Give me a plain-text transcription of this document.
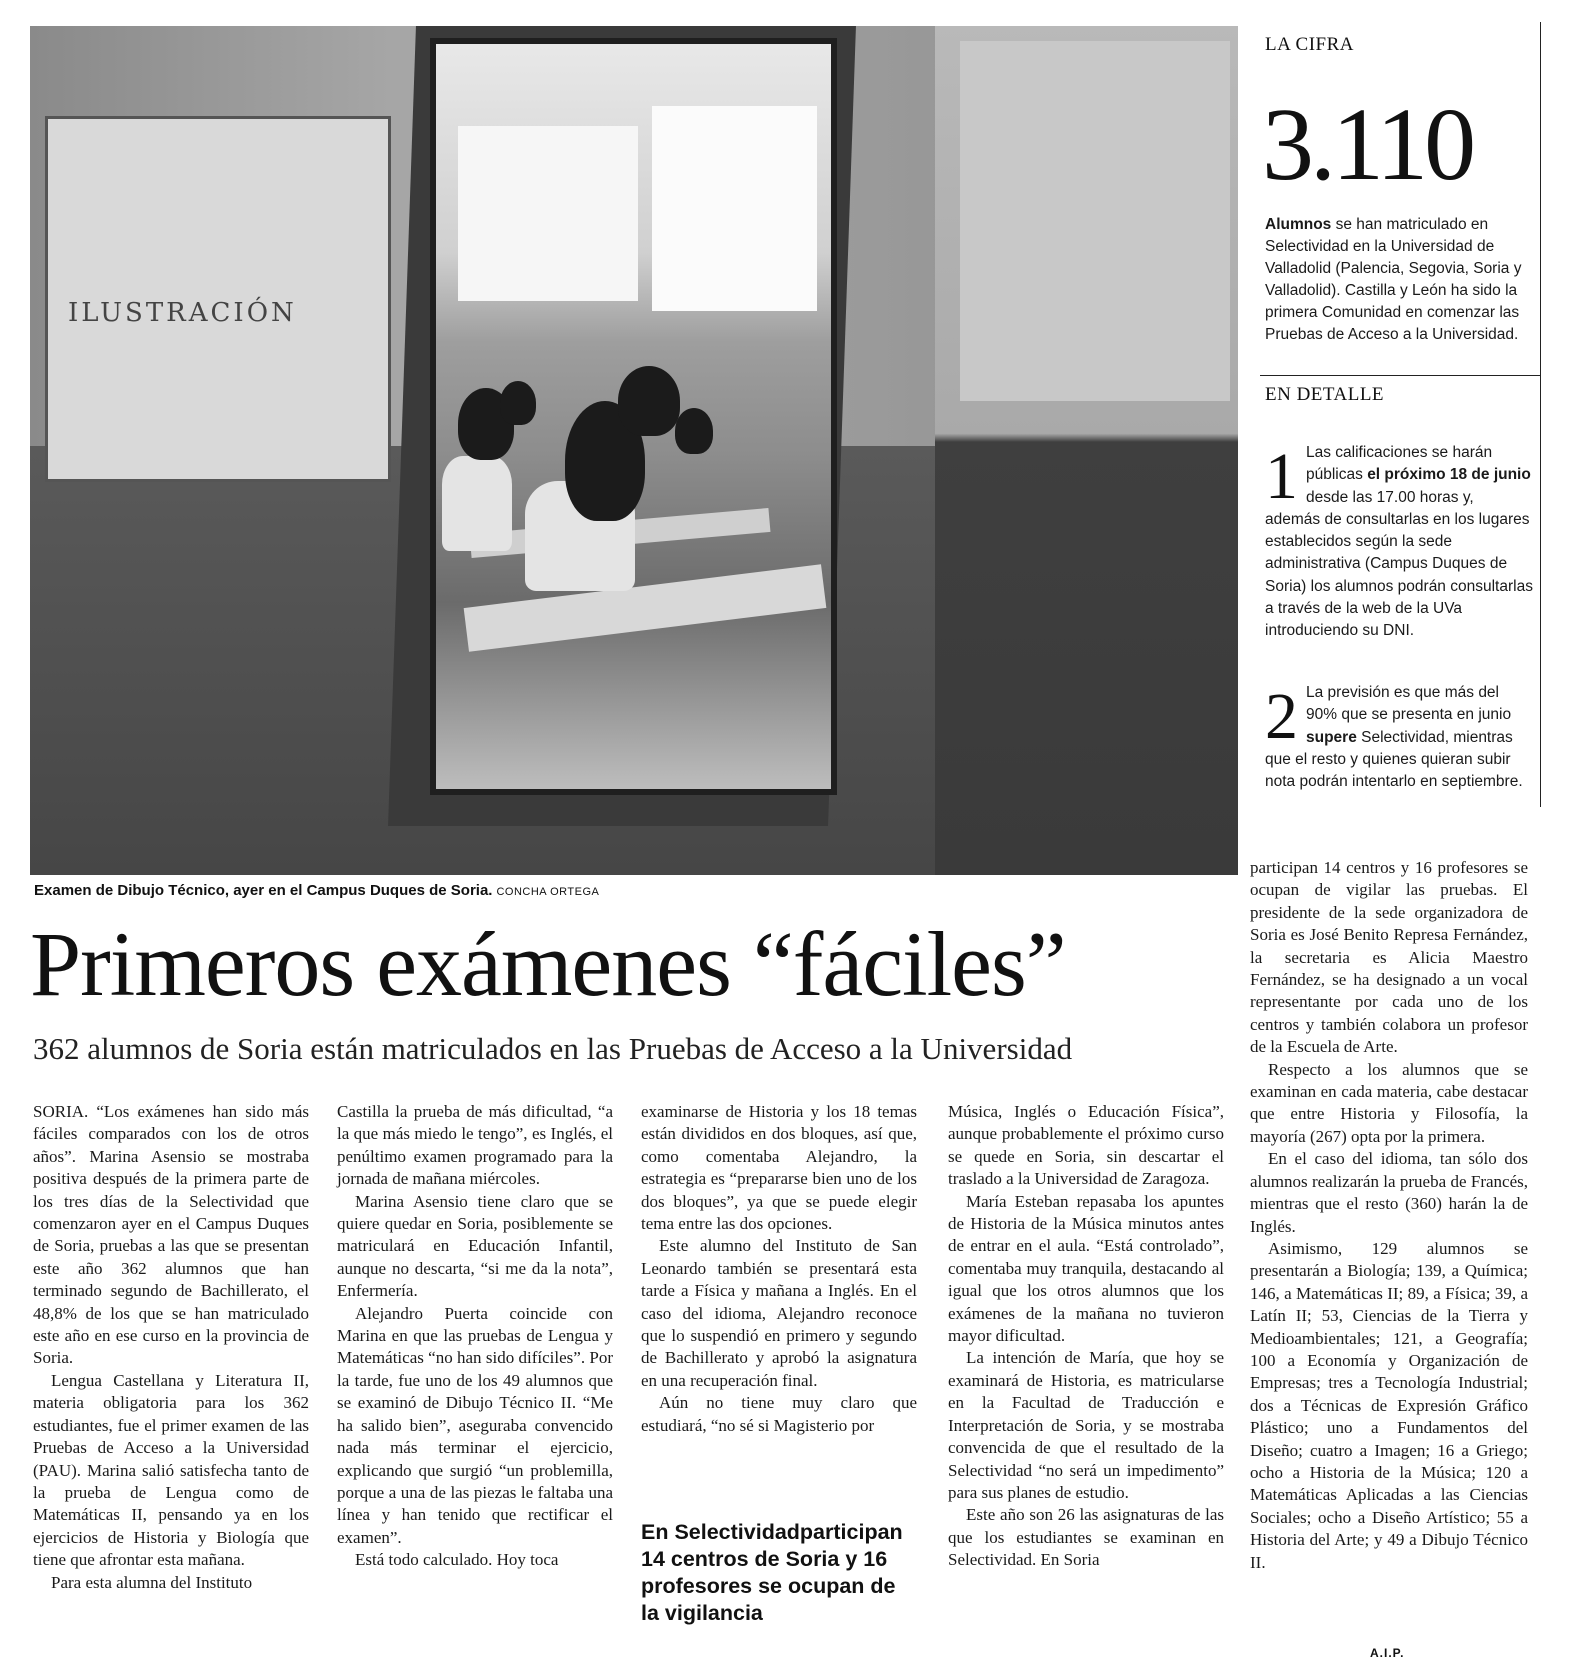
ILUSTRACIÓN
Examen de Dibujo Técnico, ayer en el Campus Duques de Soria. CONCHA ORTEGA
LA CIFRA
3.110
Alumnos se han matriculado en Selectividad en la Universidad de Valladolid (Palencia, Segovia, Soria y Valladolid). Castilla y León ha sido la primera Comunidad en comenzar las Pruebas de Acceso a la Universidad.
EN DETALLE
1 Las calificaciones se harán públicas el próximo 18 de junio desde las 17.00 horas y, además de consultarlas en los lugares establecidos según la sede administrativa (Campus Duques de Soria) los alumnos podrán consultarlas a través de la web de la UVa introduciendo su DNI.
2 La previsión es que más del 90% que se presenta en junio supere Selectividad, mientras que el resto y quienes quieran subir nota podrán intentarlo en septiembre.
Primeros exámenes “fáciles”
362 alumnos de Soria están matriculados en las Pruebas de Acceso a la Universidad

SORIA. “Los exámenes han sido más fáciles comparados con los de otros años”. Marina Asensio se mostraba positiva después de la primera parte de los tres días de la Selectividad que comenzaron ayer en el Campus Duques de Soria, pruebas a las que se presentan este año 362 alumnos que han terminado segundo de Bachillerato, el 48,8% de los que se han matriculado este año en ese curso en la provincia de Soria.

Lengua Castellana y Literatura II, materia obligatoria para los 362 estudiantes, fue el primer examen de las Pruebas de Acceso a la Universidad (PAU). Marina salió satisfecha tanto de la prueba de Lengua como de Matemáticas II, pensando ya en los ejercicios de Historia y Biología que tiene que afrontar esta mañana.

Para esta alumna del Instituto

Castilla la prueba de más dificultad, “a la que más miedo le tengo”, es Inglés, el penúltimo examen programado para la jornada de mañana miércoles.

Marina Asensio tiene claro que se quiere quedar en Soria, posiblemente se matriculará en Educación Infantil, aunque no descarta, “si me da la nota”, Enfermería.

Alejandro Puerta coincide con Marina en que las pruebas de Lengua y Matemáticas “no han sido difíciles”. Por la tarde, fue uno de los 49 alumnos que se examinó de Dibujo Técnico II. “Me ha salido bien”, aseguraba convencido nada más terminar el ejercicio, explicando que surgió “un problemilla, porque a una de las piezas le faltaba una línea y han tenido que rectificar el examen”.

Está todo calculado. Hoy toca

examinarse de Historia y los 18 temas están divididos en dos bloques, así que, como comentaba Alejandro, la estrategia es “prepararse bien uno de los dos bloques”, ya que se puede elegir tema entre las dos opciones.

Este alumno del Instituto de San Leonardo también se presentará esta tarde a Física y mañana a Inglés. En el caso del idioma, Alejandro reconoce que lo suspendió en primero y segundo de Bachillerato y aprobó la asignatura en una recuperación final.

Aún no tiene muy claro que estudiará, “no sé si Magisterio por

En Selectividadparticipan 14 centros de Soria y 16 profesores se ocupan de la vigilancia

Música, Inglés o Educación Física”, aunque probablemente el próximo curso se quede en Soria, sin descartar el traslado a la Universidad de Zaragoza.

María Esteban repasaba los apuntes de Historia de la Música minutos antes de entrar en el aula. “Está controlado”, comentaba muy tranquila, destacando al igual que los otros alumnos que los exámenes de la mañana no tuvieron mayor dificultad.

La intención de María, que hoy se examinará de Historia, es matricularse en la Facultad de Traducción e Interpretación de Soria, y se mostraba convencida de que el resultado de la Selectividad “no será un impedimento” para sus planes de estudio.

Este año son 26 las asignaturas de las que los estudiantes se examinan en Selectividad. En Soria

participan 14 centros y 16 profesores se ocupan de vigilar las pruebas. El presidente de la sede organizadora de Soria es José Benito Represa Fernández, la secretaria es Alicia Maestro Fernández, se ha designado a un vocal representante por cada uno de los centros y también colabora un profesor de la Escuela de Arte.

Respecto a los alumnos que se examinan en cada materia, cabe destacar que entre Historia y Filosofía, la mayoría (267) opta por la primera.

En el caso del idioma, tan sólo dos alumnos realizarán la prueba de Francés, mientras que el resto (360) harán la de Inglés.

Asimismo, 129 alumnos se presentarán a Biología; 139, a Química; 146, a Matemáticas II; 89, a Física; 39, a Latín II; 53, Ciencias de la Tierra y Medioambientales; 121, a Geografía; 100 a Economía y Organización de Empresas; tres a Tecnología Industrial; dos a Técnicas de Expresión Gráfico Plástico; uno a Fundamentos del Diseño; cuatro a Imagen; 16 a Griego; ocho a Historia de la Música; 120 a Matemáticas Aplicadas a las Ciencias Sociales; ocho a Diseño Artístico; 55 a Historia del Arte; y 49 a Dibujo Técnico II.

A.I.P.
